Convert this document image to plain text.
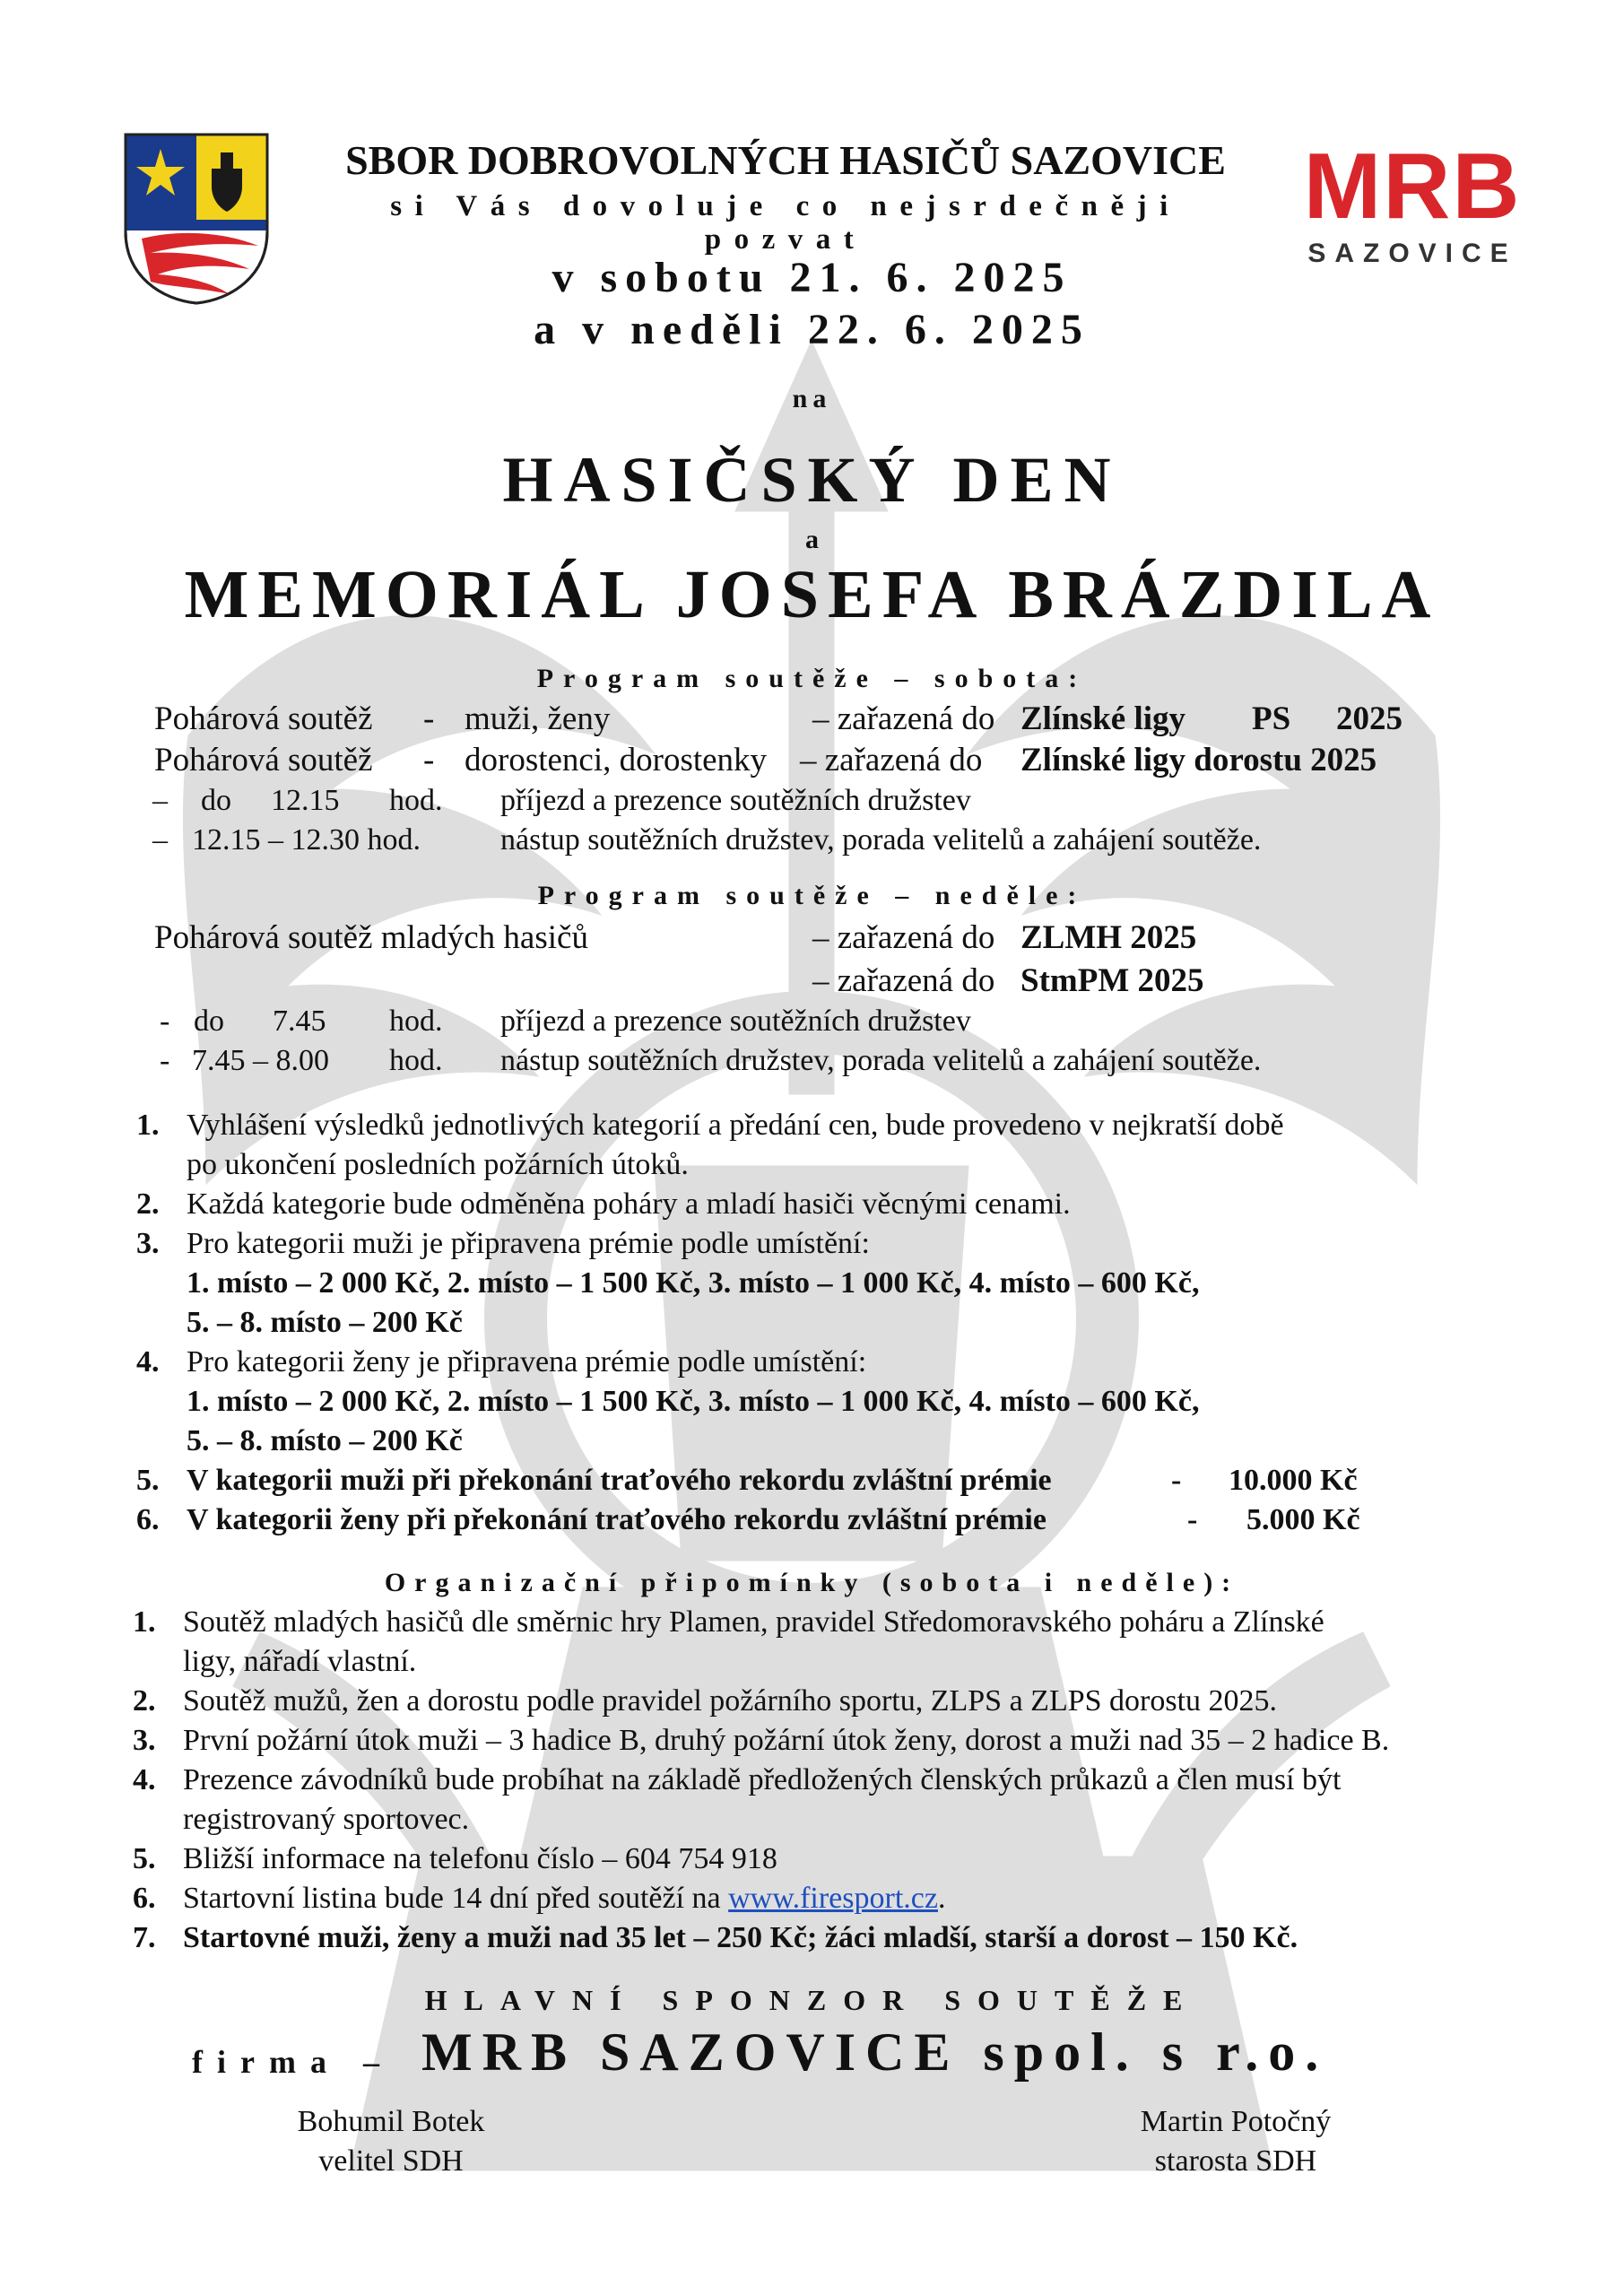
MRB
SAZOVICE
SBOR DOBROVOLNÝCH HASIČŮ SAZOVICE
si Vás dovoluje co nejsrdečněji pozvat
v sobotu 21. 6. 2025
a v neděli 22. 6. 2025
na
HASIČSKÝ DEN
a
MEMORIÁL JOSEFA BRÁZDILA
Program soutěže – sobota:
Pohárová soutěž - muži, ženy	– zařazená do Zlínské ligy PS 2025
Pohárová soutěž - dorostenci, dorostenky – zařazená do Zlínské ligy dorostu 2025
– do 12.15 hod. příjezd a prezence soutěžních družstev
– 12.15 – 12.30 hod.	nástup soutěžních družstev, porada velitelů a zahájení soutěže.
Program soutěže – neděle:
Pohárová soutěž mladých hasičů	– zařazená do ZLMH 2025
– zařazená do StmPM 2025
- do 7.45 hod. příjezd a prezence soutěžních družstev
- 7.45 – 8.00 hod. nástup soutěžních družstev, porada velitelů a zahájení soutěže.
1. Vyhlášení výsledků jednotlivých kategorií a předání cen, bude provedeno v nejkratší době
po ukončení posledních požárních útoků.
2. Každá kategorie bude odměněna poháry a mladí hasiči věcnými cenami.
3. Pro kategorii muži je připravena prémie podle umístění:
1. místo – 2 000 Kč, 2. místo – 1 500 Kč, 3. místo – 1 000 Kč, 4. místo – 600 Kč,
5. – 8. místo – 200 Kč
4. Pro kategorii ženy je připravena prémie podle umístění:
1. místo – 2 000 Kč, 2. místo – 1 500 Kč, 3. místo – 1 000 Kč, 4. místo – 600 Kč,
5. – 8. místo – 200 Kč
5. V kategorii muži při překonání traťového rekordu zvláštní prémie	- 10.000 Kč
6. V kategorii ženy při překonání traťového rekordu zvláštní prémie	- 5.000 Kč
Organizační připomínky (sobota i neděle):
1. Soutěž mladých hasičů dle směrnic hry Plamen, pravidel Středomoravského poháru a Zlínské
ligy, nářadí vlastní.
2. Soutěž mužů, žen a dorostu podle pravidel požárního sportu, ZLPS a ZLPS dorostu 2025.
3. První požární útok muži – 3 hadice B, druhý požární útok ženy, dorost a muži nad 35 – 2 hadice B.
4. Prezence závodníků bude probíhat na základě předložených členských průkazů a člen musí být
registrovaný sportovec.
5. Bližší informace na telefonu číslo – 604 754 918
6. Startovní listina bude 14 dní před soutěží na www.firesport.cz.
7. Startovné muži, ženy a muži nad 35 let – 250 Kč; žáci mladší, starší a dorost – 150 Kč.
HLAVNÍ SPONZOR SOUTĚŽE
firma – MRB SAZOVICE spol. s r.o.
Bohumil Botek
velitel SDH
Martin Potočný
starosta SDH
